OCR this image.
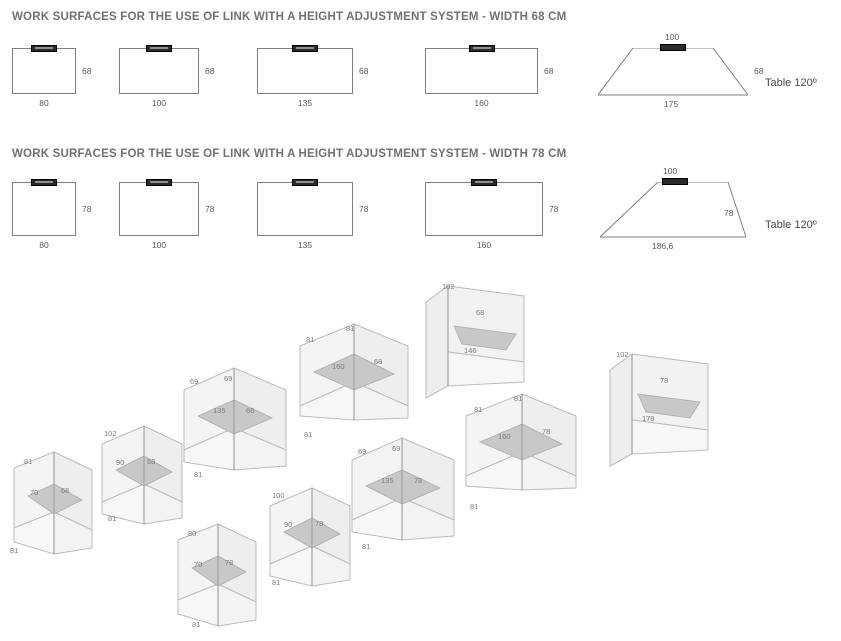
WORK SURFACES FOR THE USE OF LINK WITH A HEIGHT ADJUSTMENT SYSTEM - WIDTH 68 CM
68
80
68
100
68
135
68
160
100
68
175
Table 120º
WORK SURFACES FOR THE USE OF LINK WITH A HEIGHT ADJUSTMENT SYSTEM - WIDTH 78 CM
78
80
78
100
78
135
78
160
100
78
186,6
Table 120º
81
70	68
81
102
90	68
81
69	69
135	68
81
81
81
160
68
81
102
68
146
80
70	78
81
100
90	78
81
69	69
135	78
81
81
81
160
78
81
102
78
179
